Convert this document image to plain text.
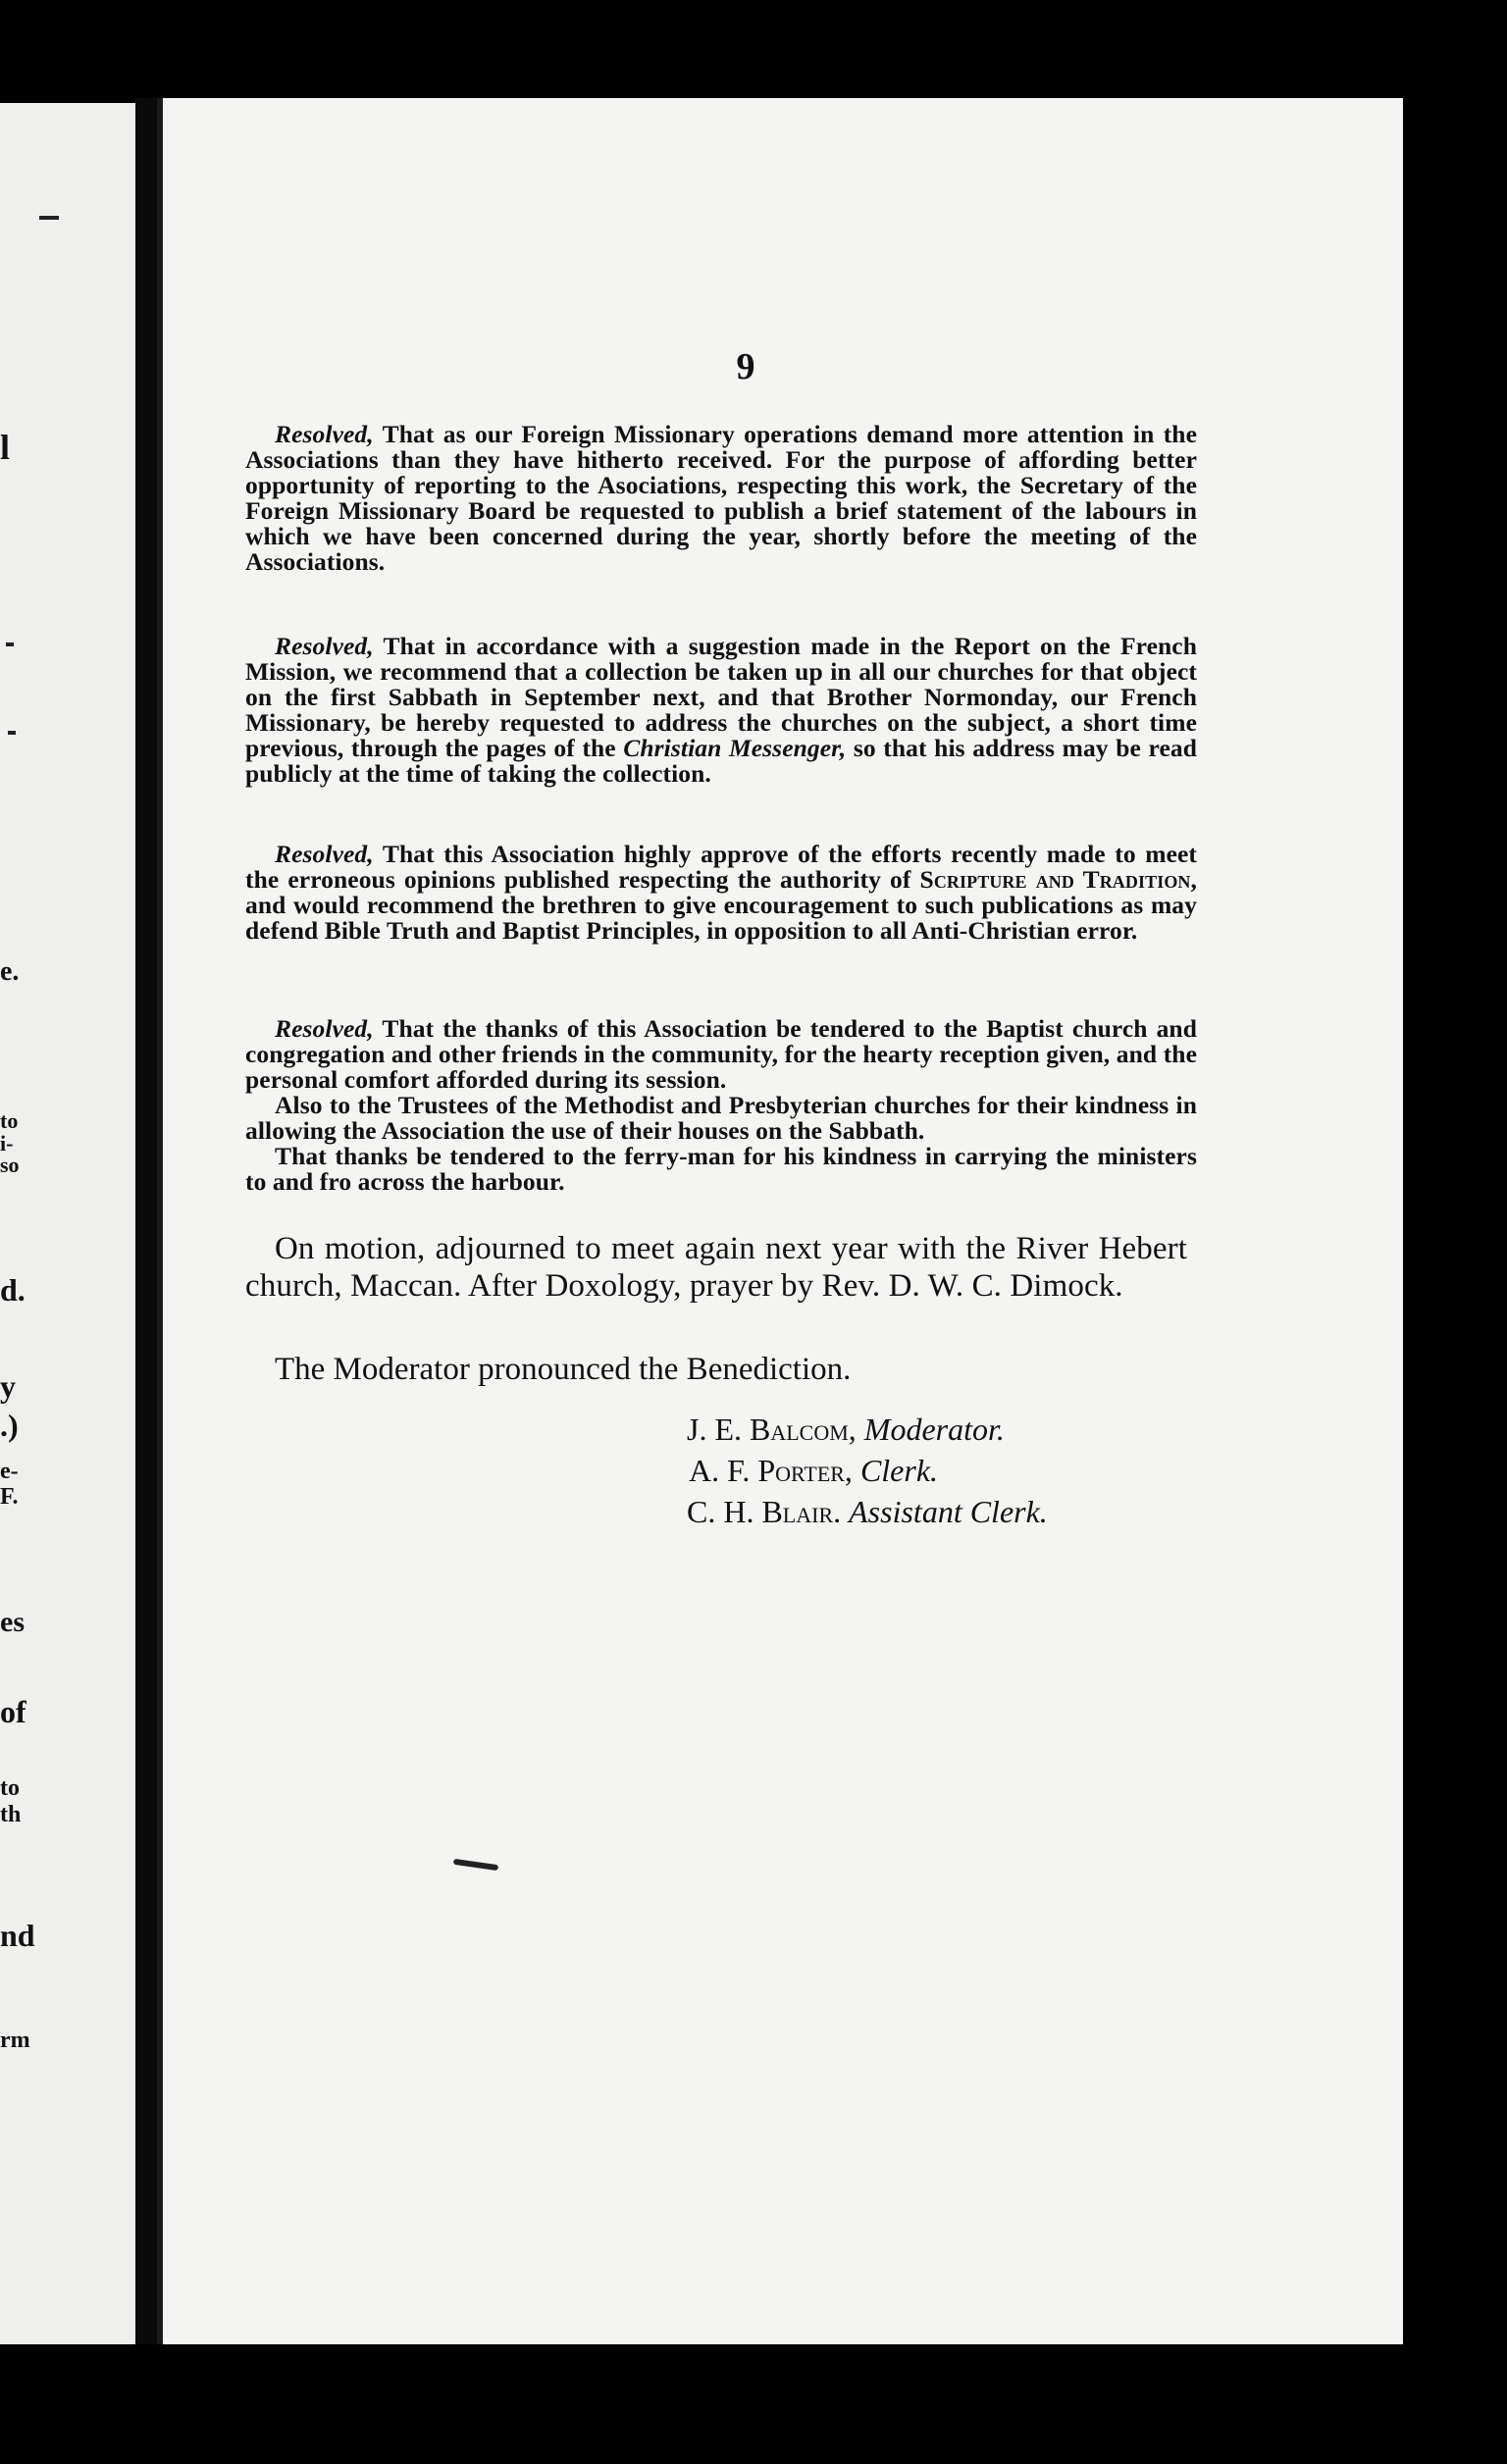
l
e.
to
i-
so
d.
y
.)
e-
F.
es
of
to
th
nd
rm
9

Resolved, That as our Foreign Missionary operations demand more attention in the Associations than they have hitherto received. For the purpose of affording better opportunity of reporting to the Asociations, respecting this work, the Secretary of the Foreign Missionary Board be requested to publish a brief statement of the labours in which we have been concerned during the year, shortly before the meeting of the Associations.

Resolved, That in accordance with a suggestion made in the Report on the French Mission, we recommend that a collection be taken up in all our churches for that object on the first Sabbath in September next, and that Brother Normonday, our French Missionary, be hereby requested to address the churches on the subject, a short time previous, through the pages of the Christian Messenger, so that his address may be read publicly at the time of taking the collection.

Resolved, That this Association highly approve of the efforts recently made to meet the erroneous opinions published respecting the authority of Scripture and Tradition, and would recommend the brethren to give encouragement to such publications as may defend Bible Truth and Baptist Principles, in opposition to all Anti-Christian error.

Resolved, That the thanks of this Association be tendered to the Baptist church and congregation and other friends in the community, for the hearty reception given, and the personal comfort afforded during its session.
Also to the Trustees of the Methodist and Presbyterian churches for their kindness in allowing the Association the use of their houses on the Sabbath.
That thanks be tendered to the ferry-man for his kindness in carrying the ministers to and fro across the harbour.

On motion, adjourned to meet again next year with the River Hebert church, Maccan. After Doxology, prayer by Rev. D. W. C. Dimock.

The Moderator pronounced the Benediction.
J. E. Balcom, Moderator.
A. F. Porter, Clerk.
C. H. Blair. Assistant Clerk.
